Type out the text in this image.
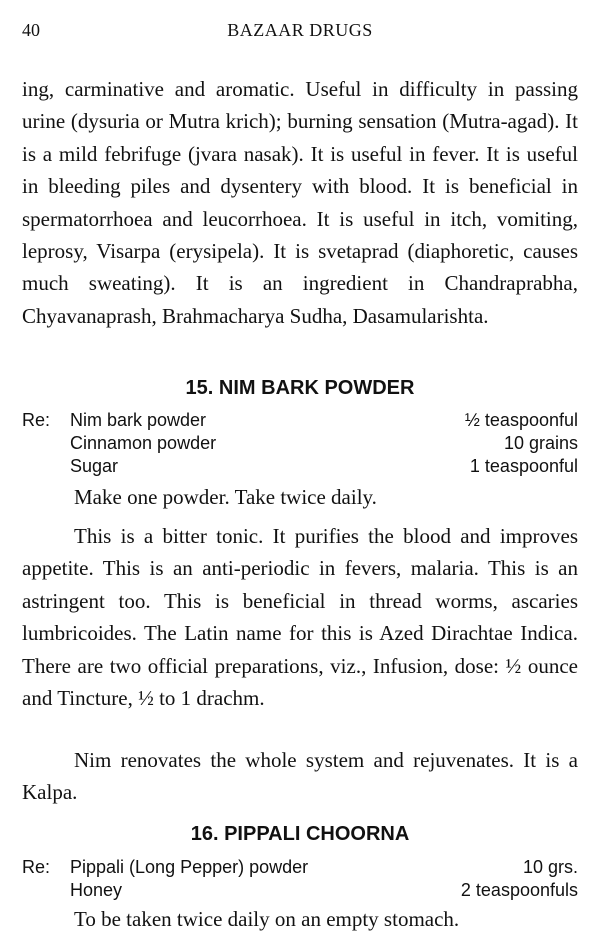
40	BAZAAR DRUGS

ing, carminative and aromatic. Useful in difficulty in passing urine (dysuria or Mutra krich); burning sensation (Mutra-agad). It is a mild febrifuge (jvara nasak). It is useful in fever. It is useful in bleeding piles and dysentery with blood. It is beneficial in spermatorrhoea and leucorrhoea. It is useful in itch, vomiting, leprosy, Visarpa (erysipela). It is svetaprad (diaphoretic, causes much sweating). It is an ingredient in Chandraprabha, Chyavanaprash, Brahmacharya Sudha, Dasamularishta.

15. NIM BARK POWDER
Re:	Nim bark powder	½ teaspoonful
Cinnamon powder	10 grains
Sugar	1 teaspoonful

Make one powder. Take twice daily.

This is a bitter tonic. It purifies the blood and improves appetite. This is an anti-periodic in fevers, malaria. This is an astringent too. This is beneficial in thread worms, ascaries lumbricoides. The Latin name for this is Azed Dirachtae Indica. There are two official preparations, viz., Infusion, dose: ½ ounce and Tincture, ½ to 1 drachm.

Nim renovates the whole system and rejuvenates. It is a Kalpa.

16. PIPPALI CHOORNA
Re:	Pippali (Long Pepper) powder	10 grs.
Honey	2 teaspoonfuls

To be taken twice daily on an empty stomach.
